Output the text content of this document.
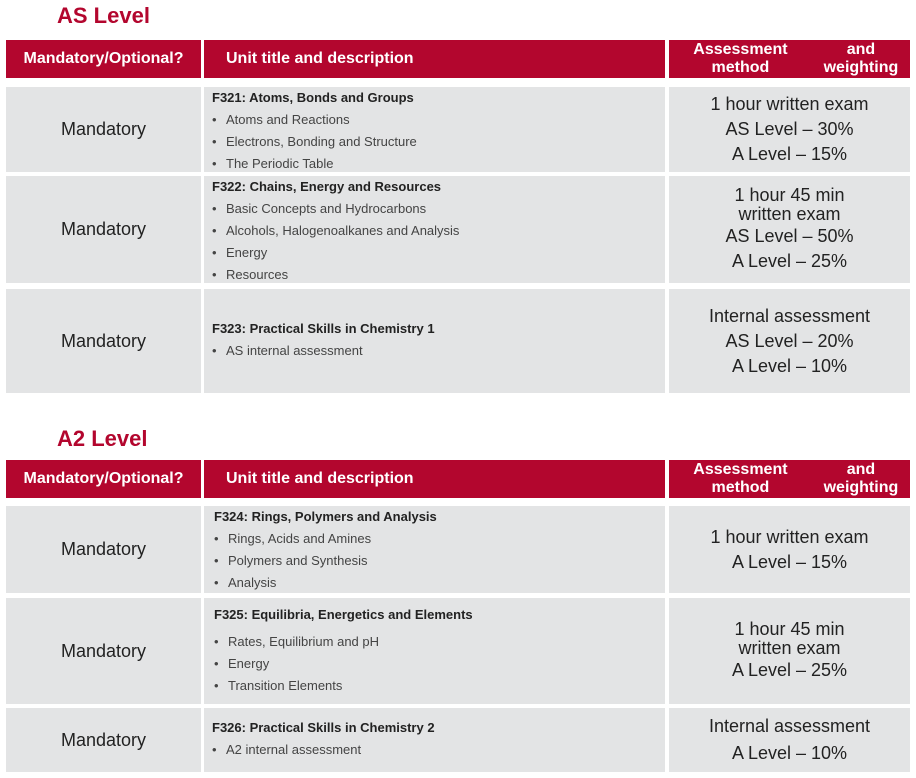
AS Level
Mandatory/Optional?	Unit title and description
Assessment method
and weighting
Mandatory
F321: Atoms, Bonds and Groups
• Atoms and Reactions
• Electrons, Bonding and Structure
• The Periodic Table
1 hour written exam
AS Level – 30%
A Level – 15%
Mandatory
F322: Chains, Energy and Resources
• Basic Concepts and Hydrocarbons
• Alcohols, Halogenoalkanes and Analysis
• Energy
• Resources
1 hour 45 min
written exam
AS Level – 50%
A Level – 25%
Mandatory
F323: Practical Skills in Chemistry 1
• AS internal assessment
Internal assessment
AS Level – 20%
A Level – 10%
A2 Level
Mandatory/Optional?	Unit title and description
Assessment method
and weighting
Mandatory
F324: Rings, Polymers and Analysis
• Rings, Acids and Amines
• Polymers and Synthesis
• Analysis
1 hour written exam
A Level – 15%
Mandatory
F325: Equilibria, Energetics and Elements
• Rates, Equilibrium and pH
• Energy
• Transition Elements
1 hour 45 min
written exam
A Level – 25%
Mandatory
F326: Practical Skills in Chemistry 2
• A2 internal assessment
Internal assessment
A Level – 10%
